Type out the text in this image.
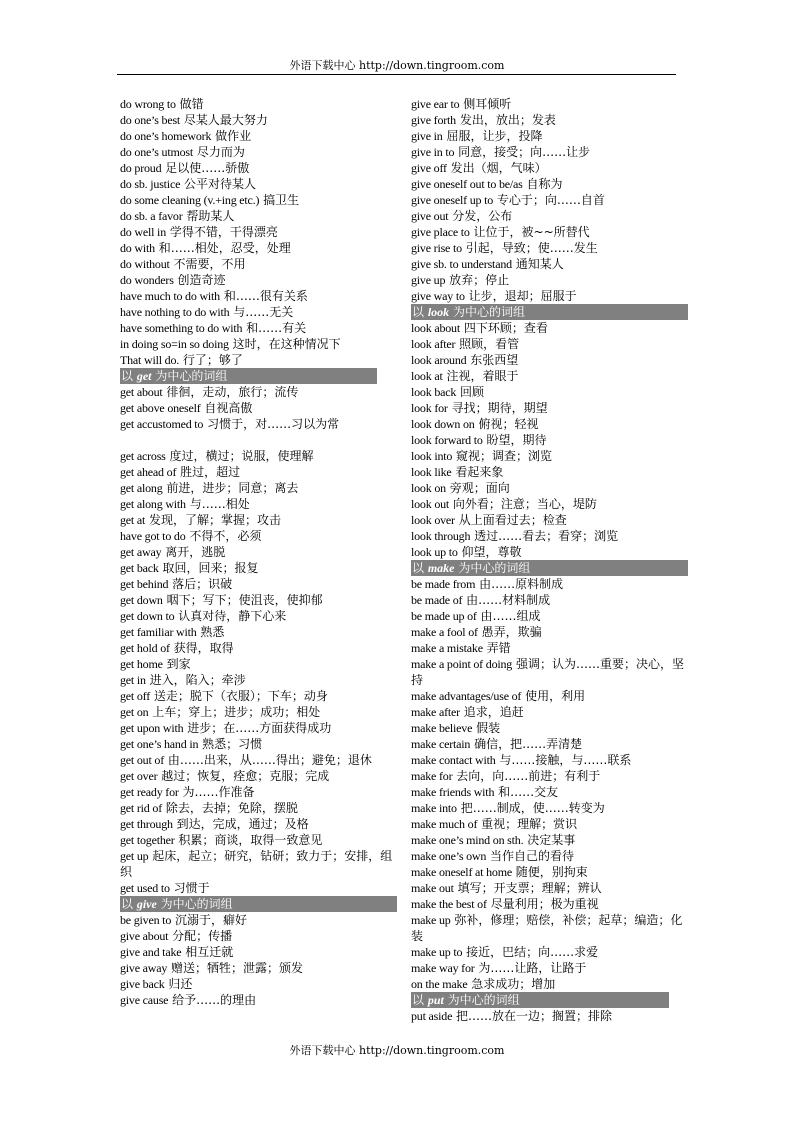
外语下载中心 http://down.tingroom.com
do wrong to 做错
do one’s best 尽某人最大努力
do one’s homework 做作业
do one’s utmost 尽力而为
do proud 足以使……骄傲
do sb. justice 公平对待某人
do some cleaning (v.+ing etc.) 搞卫生
do sb. a favor 帮助某人
do well in 学得不错，干得漂亮
do with 和……相处，忍受，处理
do without 不需要，不用
do wonders 创造奇迹
have much to do with 和……很有关系
have nothing to do with 与……无关
have something to do with 和……有关
in doing so=in so doing 这时，在这种情况下
That will do. 行了；够了
以 get 为中心的词组
get about 徘徊，走动，旅行；流传
get above oneself 自视高傲
get accustomed to 习惯于，对……习以为常
get across 度过，横过；说服，使理解
get ahead of 胜过，超过
get along 前进，进步；同意；离去
get along with 与……相处
get at 发现，了解；掌握；攻击
have got to do 不得不，必须
get away 离开，逃脱
get back 取回，回来；报复
get behind 落后；识破
get down 咽下；写下；使沮丧，使抑郁
get down to 认真对待，静下心来
get familiar with 熟悉
get hold of 获得，取得
get home 到家
get in 进入，陷入；牵涉
get off 送走；脱下（衣服）；下车；动身
get on 上车；穿上；进步；成功；相处
get upon with 进步；在……方面获得成功
get one’s hand in 熟悉；习惯
get out of 由……出来，从……得出；避免；退休
get over 越过；恢复，痊愈；克服；完成
get ready for 为……作准备
get rid of 除去，去掉；免除，摆脱
get through 到达，完成，通过；及格
get together 积累；商谈，取得一致意见
get up 起床，起立；研究，钻研；致力于；安排，组织
get used to 习惯于
以 give 为中心的词组
be given to 沉溺于，癖好
give about 分配；传播
give and take 相互迁就
give away 赠送；牺牲；泄露；颁发
give back 归还
give cause 给予……的理由
give ear to 侧耳倾听
give forth 发出，放出；发表
give in 屈服，让步，投降
give in to 同意，接受；向……让步
give off 发出（烟，气味）
give oneself out to be/as 自称为
give oneself up to 专心于；向……自首
give out 分发，公布
give place to 让位于，被~~所替代
give rise to 引起，导致；使……发生
give sb. to understand 通知某人
give up 放弃；停止
give way to 让步，退却；屈服于
以 look 为中心的词组
look about 四下环顾；查看
look after 照顾，看管
look around 东张西望
look at 注视，着眼于
look back 回顾
look for 寻找；期待，期望
look down on 俯视；轻视
look forward to 盼望，期待
look into 窥视；调查；浏览
look like 看起来象
look on 旁观；面向
look out 向外看；注意；当心，堤防
look over 从上面看过去；检查
look through 透过……看去；看穿；浏览
look up to 仰望，尊敬
以 make 为中心的词组
be made from 由……原料制成
be made of 由……材料制成
be made up of 由……组成
make a fool of 愚弄，欺骗
make a mistake 弄错
make a point of doing 强调；认为……重要；决心，坚持
make advantages/use of 使用，利用
make after 追求，追赶
make believe 假装
make certain 确信，把……弄清楚
make contact with 与……接触，与……联系
make for 去向，向……前进；有利于
make friends with 和……交友
make into 把……制成，使……转变为
make much of 重视；理解；赏识
make one’s mind on sth. 决定某事
make one’s own 当作自己的看待
make oneself at home 随便，别拘束
make out 填写；开支票；理解；辨认
make the best of 尽量利用；极为重视
make up 弥补，修理；赔偿，补偿；起草；编造；化装
make up to 接近，巴结；向……求爱
make way for 为……让路，让路于
on the make 急求成功；增加
以 put 为中心的词组
put aside 把……放在一边；搁置；排除
外语下载中心 http://down.tingroom.com
